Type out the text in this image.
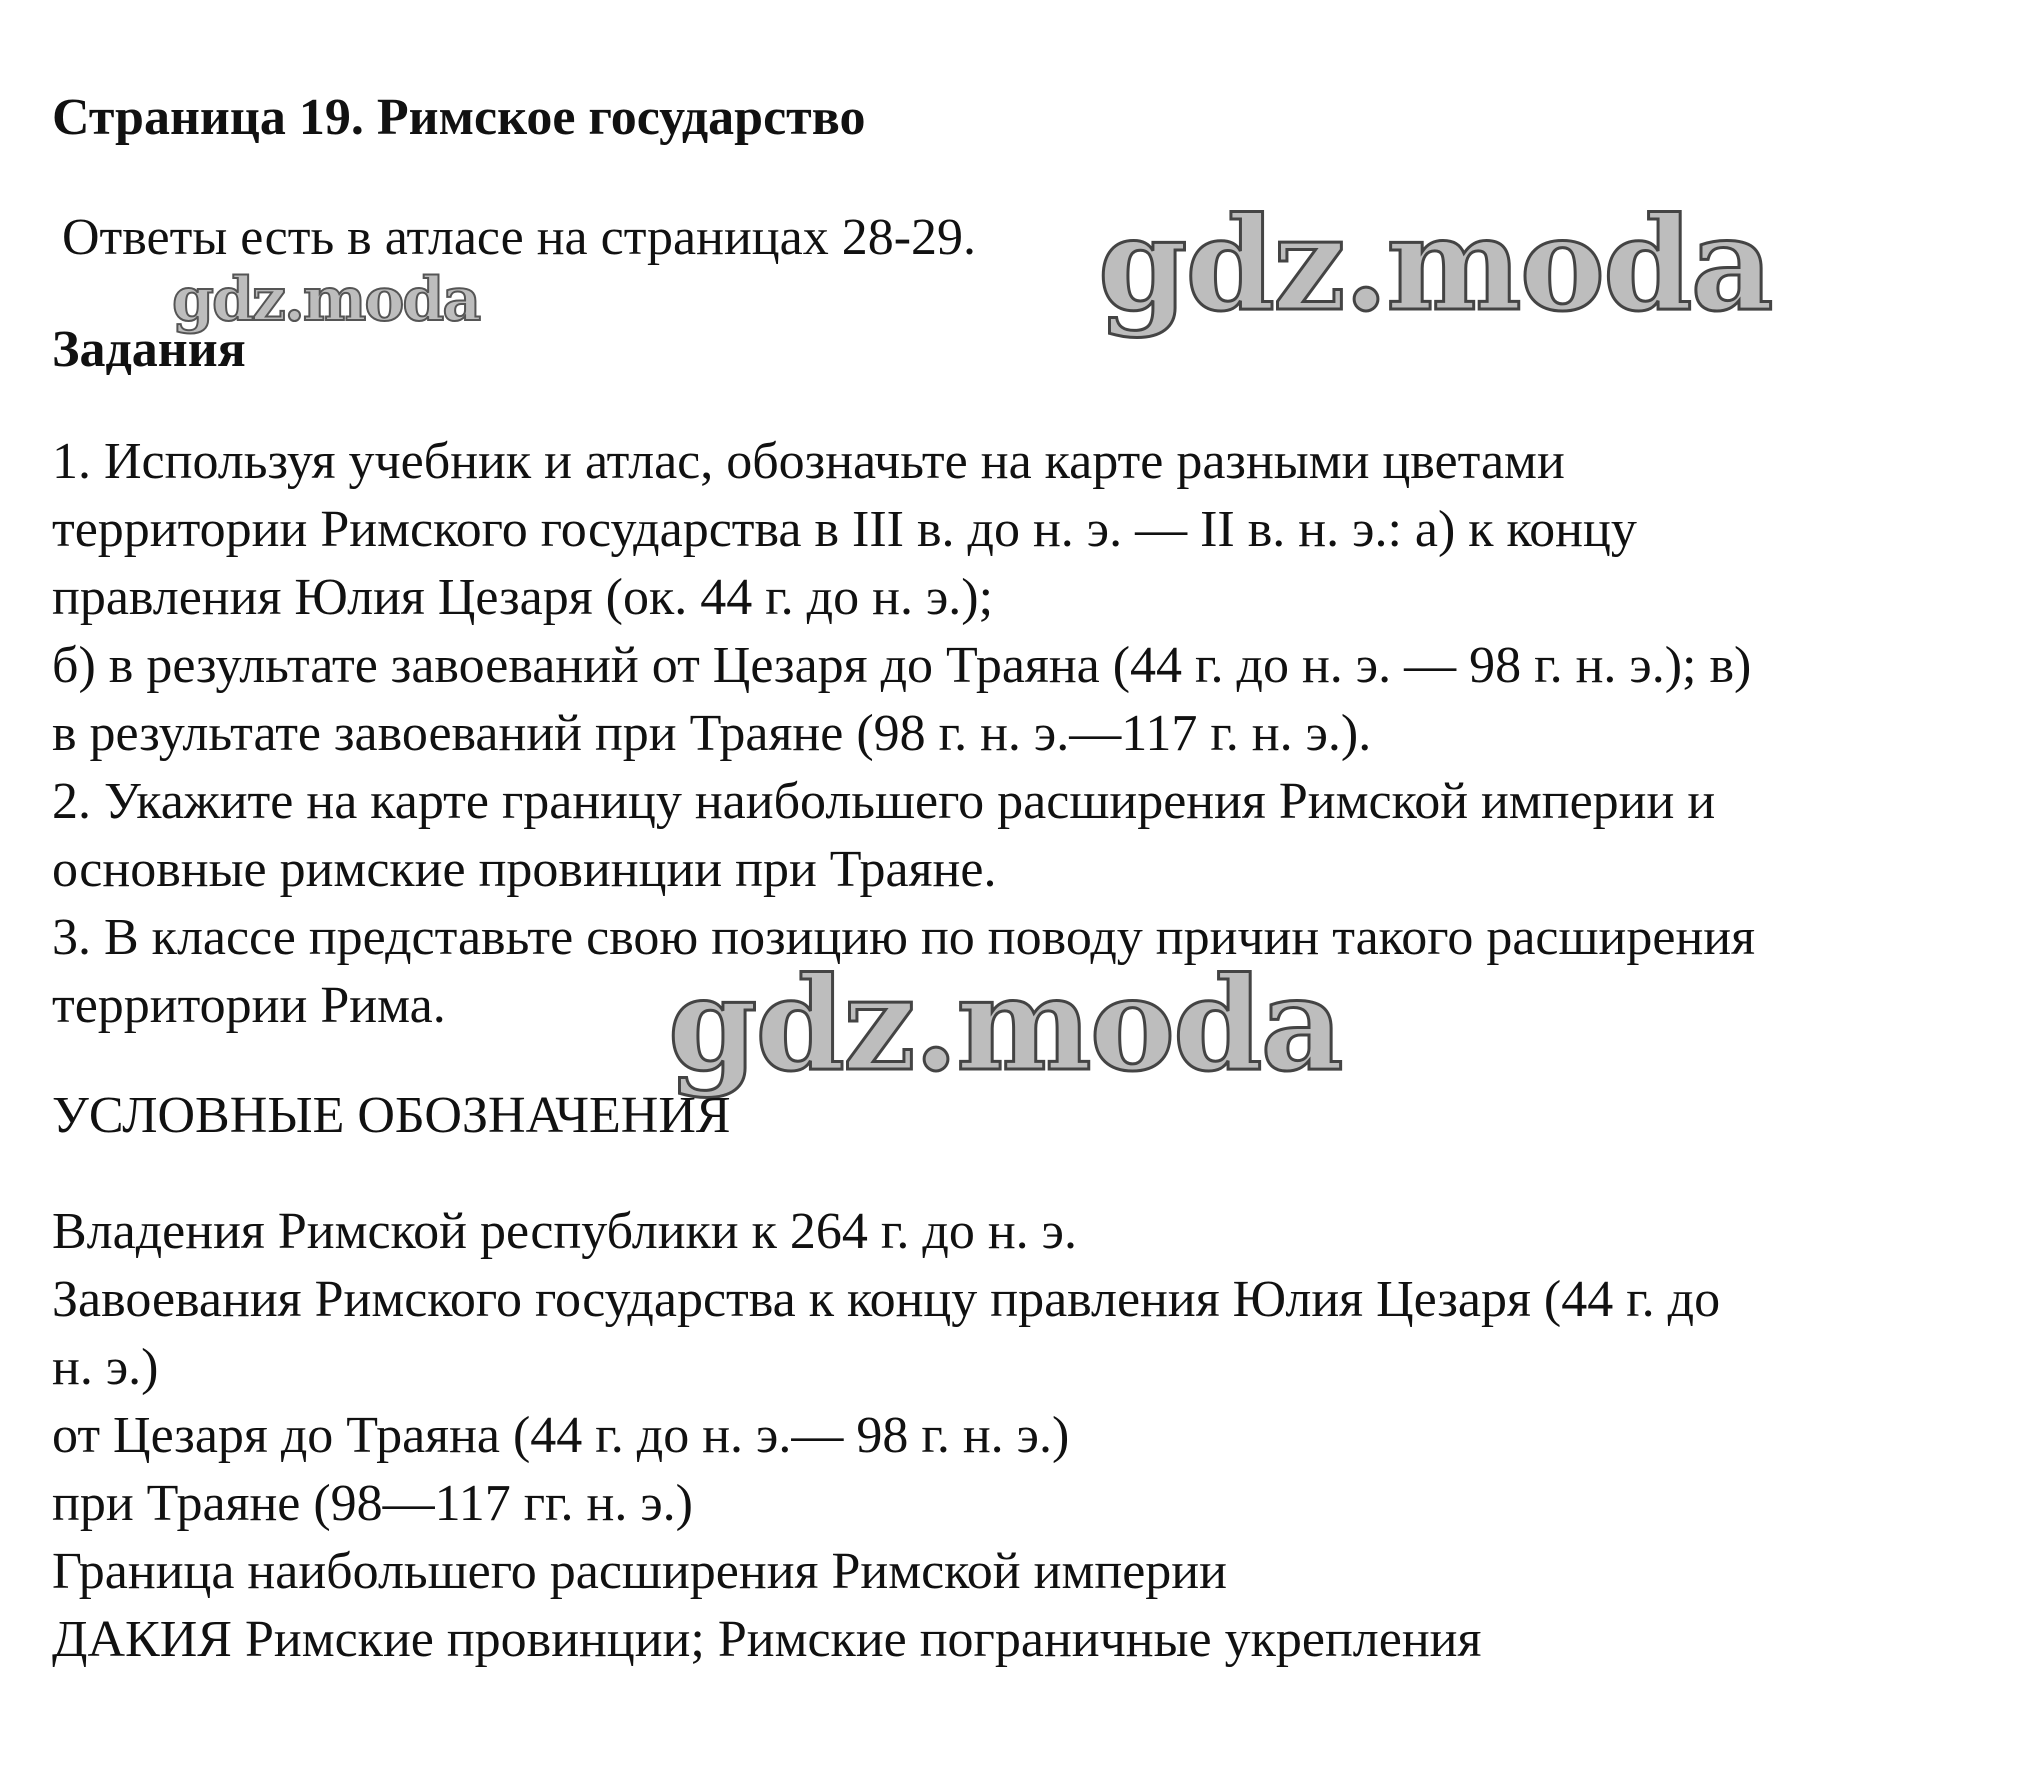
Страница 19. Римское государство
Ответы есть в атласе на страницах 28-29. gdz.moda
gdz.moda
Задания
1. Используя учебник и атлас, обозначьте на карте разными цветами
территории Римского государства в III в. до н. э. — II в. н. э.: а) к концу
правления Юлия Цезаря (ок. 44 г. до н. э.);
б) в результате завоеваний от Цезаря до Траяна (44 г. до н. э. — 98 г. н. э.); в)
в результате завоеваний при Траяне (98 г. н. э.—117 г. н. э.).
2. Укажите на карте границу наибольшего расширения Римской империи и
основные римские провинции при Траяне.
3. В классе представьте свою позицию по поводу причин такого расширения
территории Рима. gdz.moda
УСЛОВНЫЕ ОБОЗНАЧЕНИЯ
Владения Римской республики к 264 г. до н. э.
Завоевания Римского государства к концу правления Юлия Цезаря (44 г. до
н. э.)
от Цезаря до Траяна (44 г. до н. э.— 98 г. н. э.)
при Траяне (98—117 гг. н. э.)
Граница наибольшего расширения Римской империи
ДАКИЯ Римские провинции; Римские пограничные укрепления
